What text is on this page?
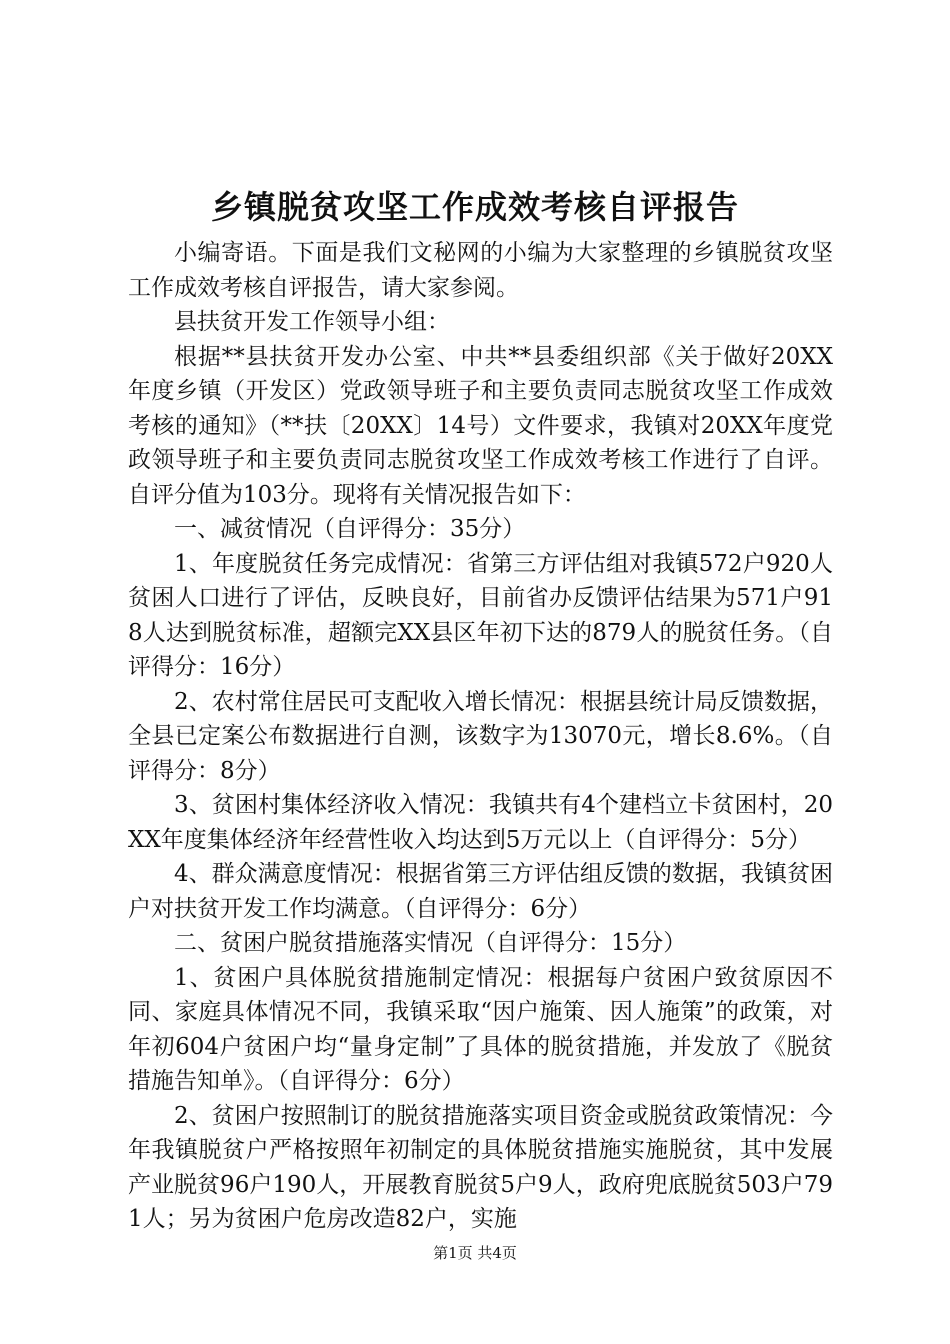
乡镇脱贫攻坚工作成效考核自评报告

小编寄语。下面是我们文秘网的小编为大家整理的乡镇脱贫攻坚工作成效考核自评报告，请大家参阅。

县扶贫开发工作领导小组：

根据**县扶贫开发办公室、中共**县委组织部《关于做好20XX年度乡镇（开发区）党政领导班子和主要负责同志脱贫攻坚工作成效考核的通知》（**扶〔20XX〕14号）文件要求，我镇对20XX年度党政领导班子和主要负责同志脱贫攻坚工作成效考核工作进行了自评。自评分值为103分。现将有关情况报告如下：

一、减贫情况（自评得分：35分）

1、年度脱贫任务完成情况：省第三方评估组对我镇572户920人贫困人口进行了评估，反映良好，目前省办反馈评估结果为571户918人达到脱贫标准，超额完XX县区年初下达的879人的脱贫任务。（自评得分：16分）

2、农村常住居民可支配收入增长情况：根据县统计局反馈数据，全县已定案公布数据进行自测，该数字为13070元，增长8.6%。（自评得分：8分）

3、贫困村集体经济收入情况：我镇共有4个建档立卡贫困村，20XX年度集体经济年经营性收入均达到5万元以上（自评得分：5分）

4、群众满意度情况：根据省第三方评估组反馈的数据，我镇贫困户对扶贫开发工作均满意。（自评得分：6分）

二、贫困户脱贫措施落实情况（自评得分：15分）

1、贫困户具体脱贫措施制定情况：根据每户贫困户致贫原因不同、家庭具体情况不同，我镇采取“因户施策、因人施策”的政策，对年初604户贫困户均“量身定制”了具体的脱贫措施，并发放了《脱贫措施告知单》。（自评得分：6分）

2、贫困户按照制订的脱贫措施落实项目资金或脱贫政策情况：今年我镇脱贫户严格按照年初制定的具体脱贫措施实施脱贫，其中发展产业脱贫96户190人，开展教育脱贫5户9人，政府兜底脱贫503户791人；另为贫困户危房改造82户，实施

第1页 共4页
